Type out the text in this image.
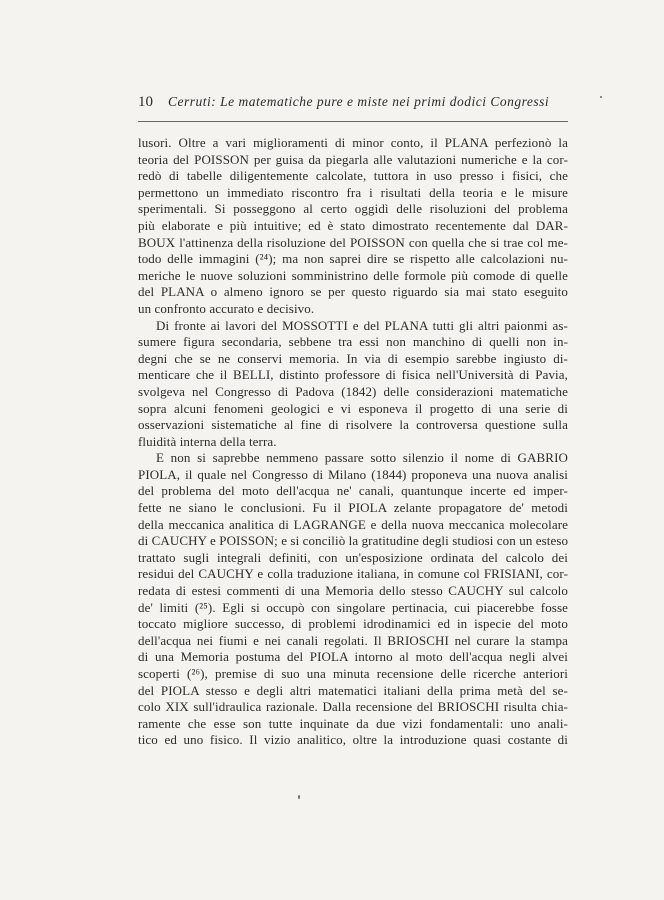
10	Cerruti: Le matematiche pure e miste nei primi dodici Congressi
lusori. Oltre a vari miglioramenti di minor conto, il PLANA perfezionò la
teoria del POISSON per guisa da piegarla alle valutazioni numeriche e la cor-
redò di tabelle diligentemente calcolate, tuttora in uso presso i fisici, che
permettono un immediato riscontro fra i risultati della teoria e le misure
sperimentali. Si posseggono al certo oggidì delle risoluzioni del problema
più elaborate e più intuitive; ed è stato dimostrato recentemente dal DAR-
BOUX l'attinenza della risoluzione del POISSON con quella che si trae col me-
todo delle immagini (²⁴); ma non saprei dire se rispetto alle calcolazioni nu-
meriche le nuove soluzioni somministrino delle formole più comode di quelle
del PLANA o almeno ignoro se per questo riguardo sia mai stato eseguito
un confronto accurato e decisivo.
Di fronte ai lavori del MOSSOTTI e del PLANA tutti gli altri paionmi as-
sumere figura secondaria, sebbene tra essi non manchino di quelli non in-
degni che se ne conservi memoria. In via di esempio sarebbe ingiusto di-
menticare che il BELLI, distinto professore di fisica nell'Università di Pavia,
svolgeva nel Congresso di Padova (1842) delle considerazioni matematiche
sopra alcuni fenomeni geologici e vi esponeva il progetto di una serie di
osservazioni sistematiche al fine di risolvere la controversa questione sulla
fluidità interna della terra.
E non si saprebbe nemmeno passare sotto silenzio il nome di GABRIO
PIOLA, il quale nel Congresso di Milano (1844) proponeva una nuova analisi
del problema del moto dell'acqua ne' canali, quantunque incerte ed imper-
fette ne siano le conclusioni. Fu il PIOLA zelante propagatore de' metodi
della meccanica analitica di LAGRANGE e della nuova meccanica molecolare
di CAUCHY e POISSON; e si conciliò la gratitudine degli studiosi con un esteso
trattato sugli integrali definiti, con un'esposizione ordinata del calcolo dei
residui del CAUCHY e colla traduzione italiana, in comune col FRISIANI, cor-
redata di estesi commenti di una Memoria dello stesso CAUCHY sul calcolo
de' limiti (²⁵). Egli si occupò con singolare pertinacia, cui piacerebbe fosse
toccato migliore successo, di problemi idrodinamici ed in ispecie del moto
dell'acqua nei fiumi e nei canali regolati. Il BRIOSCHI nel curare la stampa
di una Memoria postuma del PIOLA intorno al moto dell'acqua negli alvei
scoperti (²⁶), premise di suo una minuta recensione delle ricerche anteriori
del PIOLA stesso e degli altri matematici italiani della prima metà del se-
colo XIX sull'idraulica razionale. Dalla recensione del BRIOSCHI risulta chia-
ramente che esse son tutte inquinate da due vizi fondamentali: uno anali-
tico ed uno fisico. Il vizio analitico, oltre la introduzione quasi costante di
